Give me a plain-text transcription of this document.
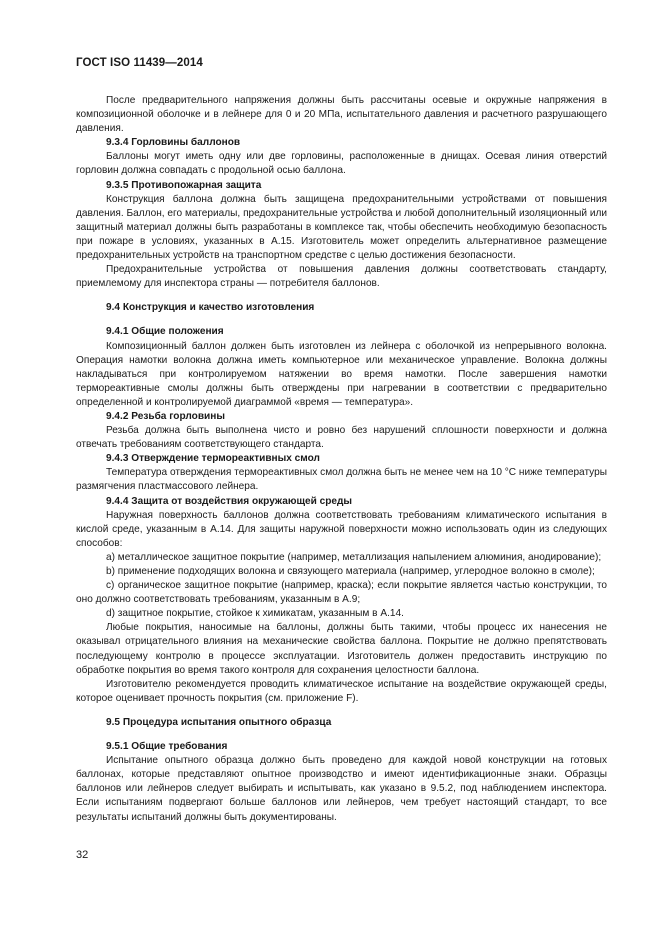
ГОСТ ISO 11439—2014

После предварительного напряжения должны быть рассчитаны осевые и окружные напряжения в композиционной оболочке и в лейнере для 0 и 20 МПа, испытательного давления и расчетного разрушающего давления.

9.3.4 Горловины баллонов

Баллоны могут иметь одну или две горловины, расположенные в днищах. Осевая линия отверстий горловин должна совпадать с продольной осью баллона.

9.3.5 Противопожарная защита

Конструкция баллона должна быть защищена предохранительными устройствами от повышения давления. Баллон, его материалы, предохранительные устройства и любой дополнительный изоляционный или защитный материал должны быть разработаны в комплексе так, чтобы обеспечить необходимую безопасность при пожаре в условиях, указанных в А.15. Изготовитель может определить альтернативное размещение предохранительных устройств на транспортном средстве с целью достижения безопасности.

Предохранительные устройства от повышения давления должны соответствовать стандарту, приемлемому для инспектора страны — потребителя баллонов.

9.4 Конструкция и качество изготовления

9.4.1 Общие положения

Композиционный баллон должен быть изготовлен из лейнера с оболочкой из непрерывного волокна. Операция намотки волокна должна иметь компьютерное или механическое управление. Волокна должны накладываться при контролируемом натяжении во время намотки. После завершения намотки термореактивные смолы должны быть отверждены при нагревании в соответствии с предварительно определенной и контролируемой диаграммой «время — температура».

9.4.2 Резьба горловины

Резьба должна быть выполнена чисто и ровно без нарушений сплошности поверхности и должна отвечать требованиям соответствующего стандарта.

9.4.3 Отверждение термореактивных смол

Температура отверждения термореактивных смол должна быть не менее чем на 10 °С ниже температуры размягчения пластмассового лейнера.

9.4.4 Защита от воздействия окружающей среды

Наружная поверхность баллонов должна соответствовать требованиям климатического испытания в кислой среде, указанным в А.14. Для защиты наружной поверхности можно использовать один из следующих способов:

a) металлическое защитное покрытие (например, металлизация напылением алюминия, анодирование);

b) применение подходящих волокна и связующего материала (например, углеродное волокно в смоле);

c) органическое защитное покрытие (например, краска); если покрытие является частью конструкции, то оно должно соответствовать требованиям, указанным в А.9;

d) защитное покрытие, стойкое к химикатам, указанным в А.14.

Любые покрытия, наносимые на баллоны, должны быть такими, чтобы процесс их нанесения не оказывал отрицательного влияния на механические свойства баллона. Покрытие не должно препятствовать последующему контролю в процессе эксплуатации. Изготовитель должен предоставить инструкцию по обработке покрытия во время такого контроля для сохранения целостности баллона.

Изготовителю рекомендуется проводить климатическое испытание на воздействие окружающей среды, которое оценивает прочность покрытия (см. приложение F).

9.5 Процедура испытания опытного образца

9.5.1 Общие требования

Испытание опытного образца должно быть проведено для каждой новой конструкции на готовых баллонах, которые представляют опытное производство и имеют идентификационные знаки. Образцы баллонов или лейнеров следует выбирать и испытывать, как указано в 9.5.2, под наблюдением инспектора. Если испытаниям подвергают больше баллонов или лейнеров, чем требует настоящий стандарт, то все результаты испытаний должны быть документированы.

32
